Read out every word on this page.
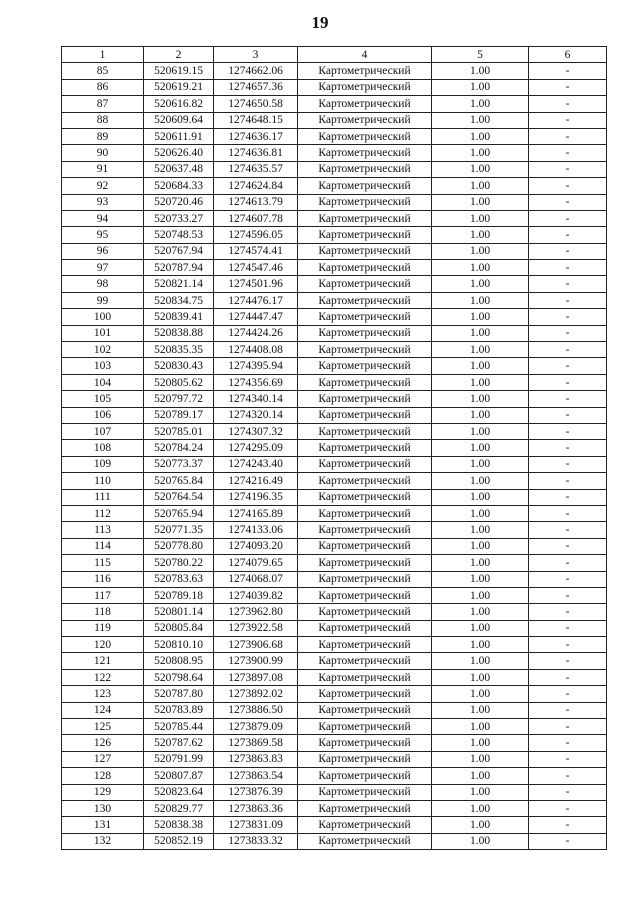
19
1	2	3	4	5	6
85	520619.15	1274662.06	Картометрический	1.00	-
86	520619.21	1274657.36	Картометрический	1.00	-
87	520616.82	1274650.58	Картометрический	1.00	-
88	520609.64	1274648.15	Картометрический	1.00	-
89	520611.91	1274636.17	Картометрический	1.00	-
90	520626.40	1274636.81	Картометрический	1.00	-
91	520637.48	1274635.57	Картометрический	1.00	-
92	520684.33	1274624.84	Картометрический	1.00	-
93	520720.46	1274613.79	Картометрический	1.00	-
94	520733.27	1274607.78	Картометрический	1.00	-
95	520748.53	1274596.05	Картометрический	1.00	-
96	520767.94	1274574.41	Картометрический	1.00	-
97	520787.94	1274547.46	Картометрический	1.00	-
98	520821.14	1274501.96	Картометрический	1.00	-
99	520834.75	1274476.17	Картометрический	1.00	-
100	520839.41	1274447.47	Картометрический	1.00	-
101	520838.88	1274424.26	Картометрический	1.00	-
102	520835.35	1274408.08	Картометрический	1.00	-
103	520830.43	1274395.94	Картометрический	1.00	-
104	520805.62	1274356.69	Картометрический	1.00	-
105	520797.72	1274340.14	Картометрический	1.00	-
106	520789.17	1274320.14	Картометрический	1.00	-
107	520785.01	1274307.32	Картометрический	1.00	-
108	520784.24	1274295.09	Картометрический	1.00	-
109	520773.37	1274243.40	Картометрический	1.00	-
110	520765.84	1274216.49	Картометрический	1.00	-
111	520764.54	1274196.35	Картометрический	1.00	-
112	520765.94	1274165.89	Картометрический	1.00	-
113	520771.35	1274133.06	Картометрический	1.00	-
114	520778.80	1274093.20	Картометрический	1.00	-
115	520780.22	1274079.65	Картометрический	1.00	-
116	520783.63	1274068.07	Картометрический	1.00	-
117	520789.18	1274039.82	Картометрический	1.00	-
118	520801.14	1273962.80	Картометрический	1.00	-
119	520805.84	1273922.58	Картометрический	1.00	-
120	520810.10	1273906.68	Картометрический	1.00	-
121	520808.95	1273900.99	Картометрический	1.00	-
122	520798.64	1273897.08	Картометрический	1.00	-
123	520787.80	1273892.02	Картометрический	1.00	-
124	520783.89	1273886.50	Картометрический	1.00	-
125	520785.44	1273879.09	Картометрический	1.00	-
126	520787.62	1273869.58	Картометрический	1.00	-
127	520791.99	1273863.83	Картометрический	1.00	-
128	520807.87	1273863.54	Картометрический	1.00	-
129	520823.64	1273876.39	Картометрический	1.00	-
130	520829.77	1273863.36	Картометрический	1.00	-
131	520838.38	1273831.09	Картометрический	1.00	-
132	520852.19	1273833.32	Картометрический	1.00	-
